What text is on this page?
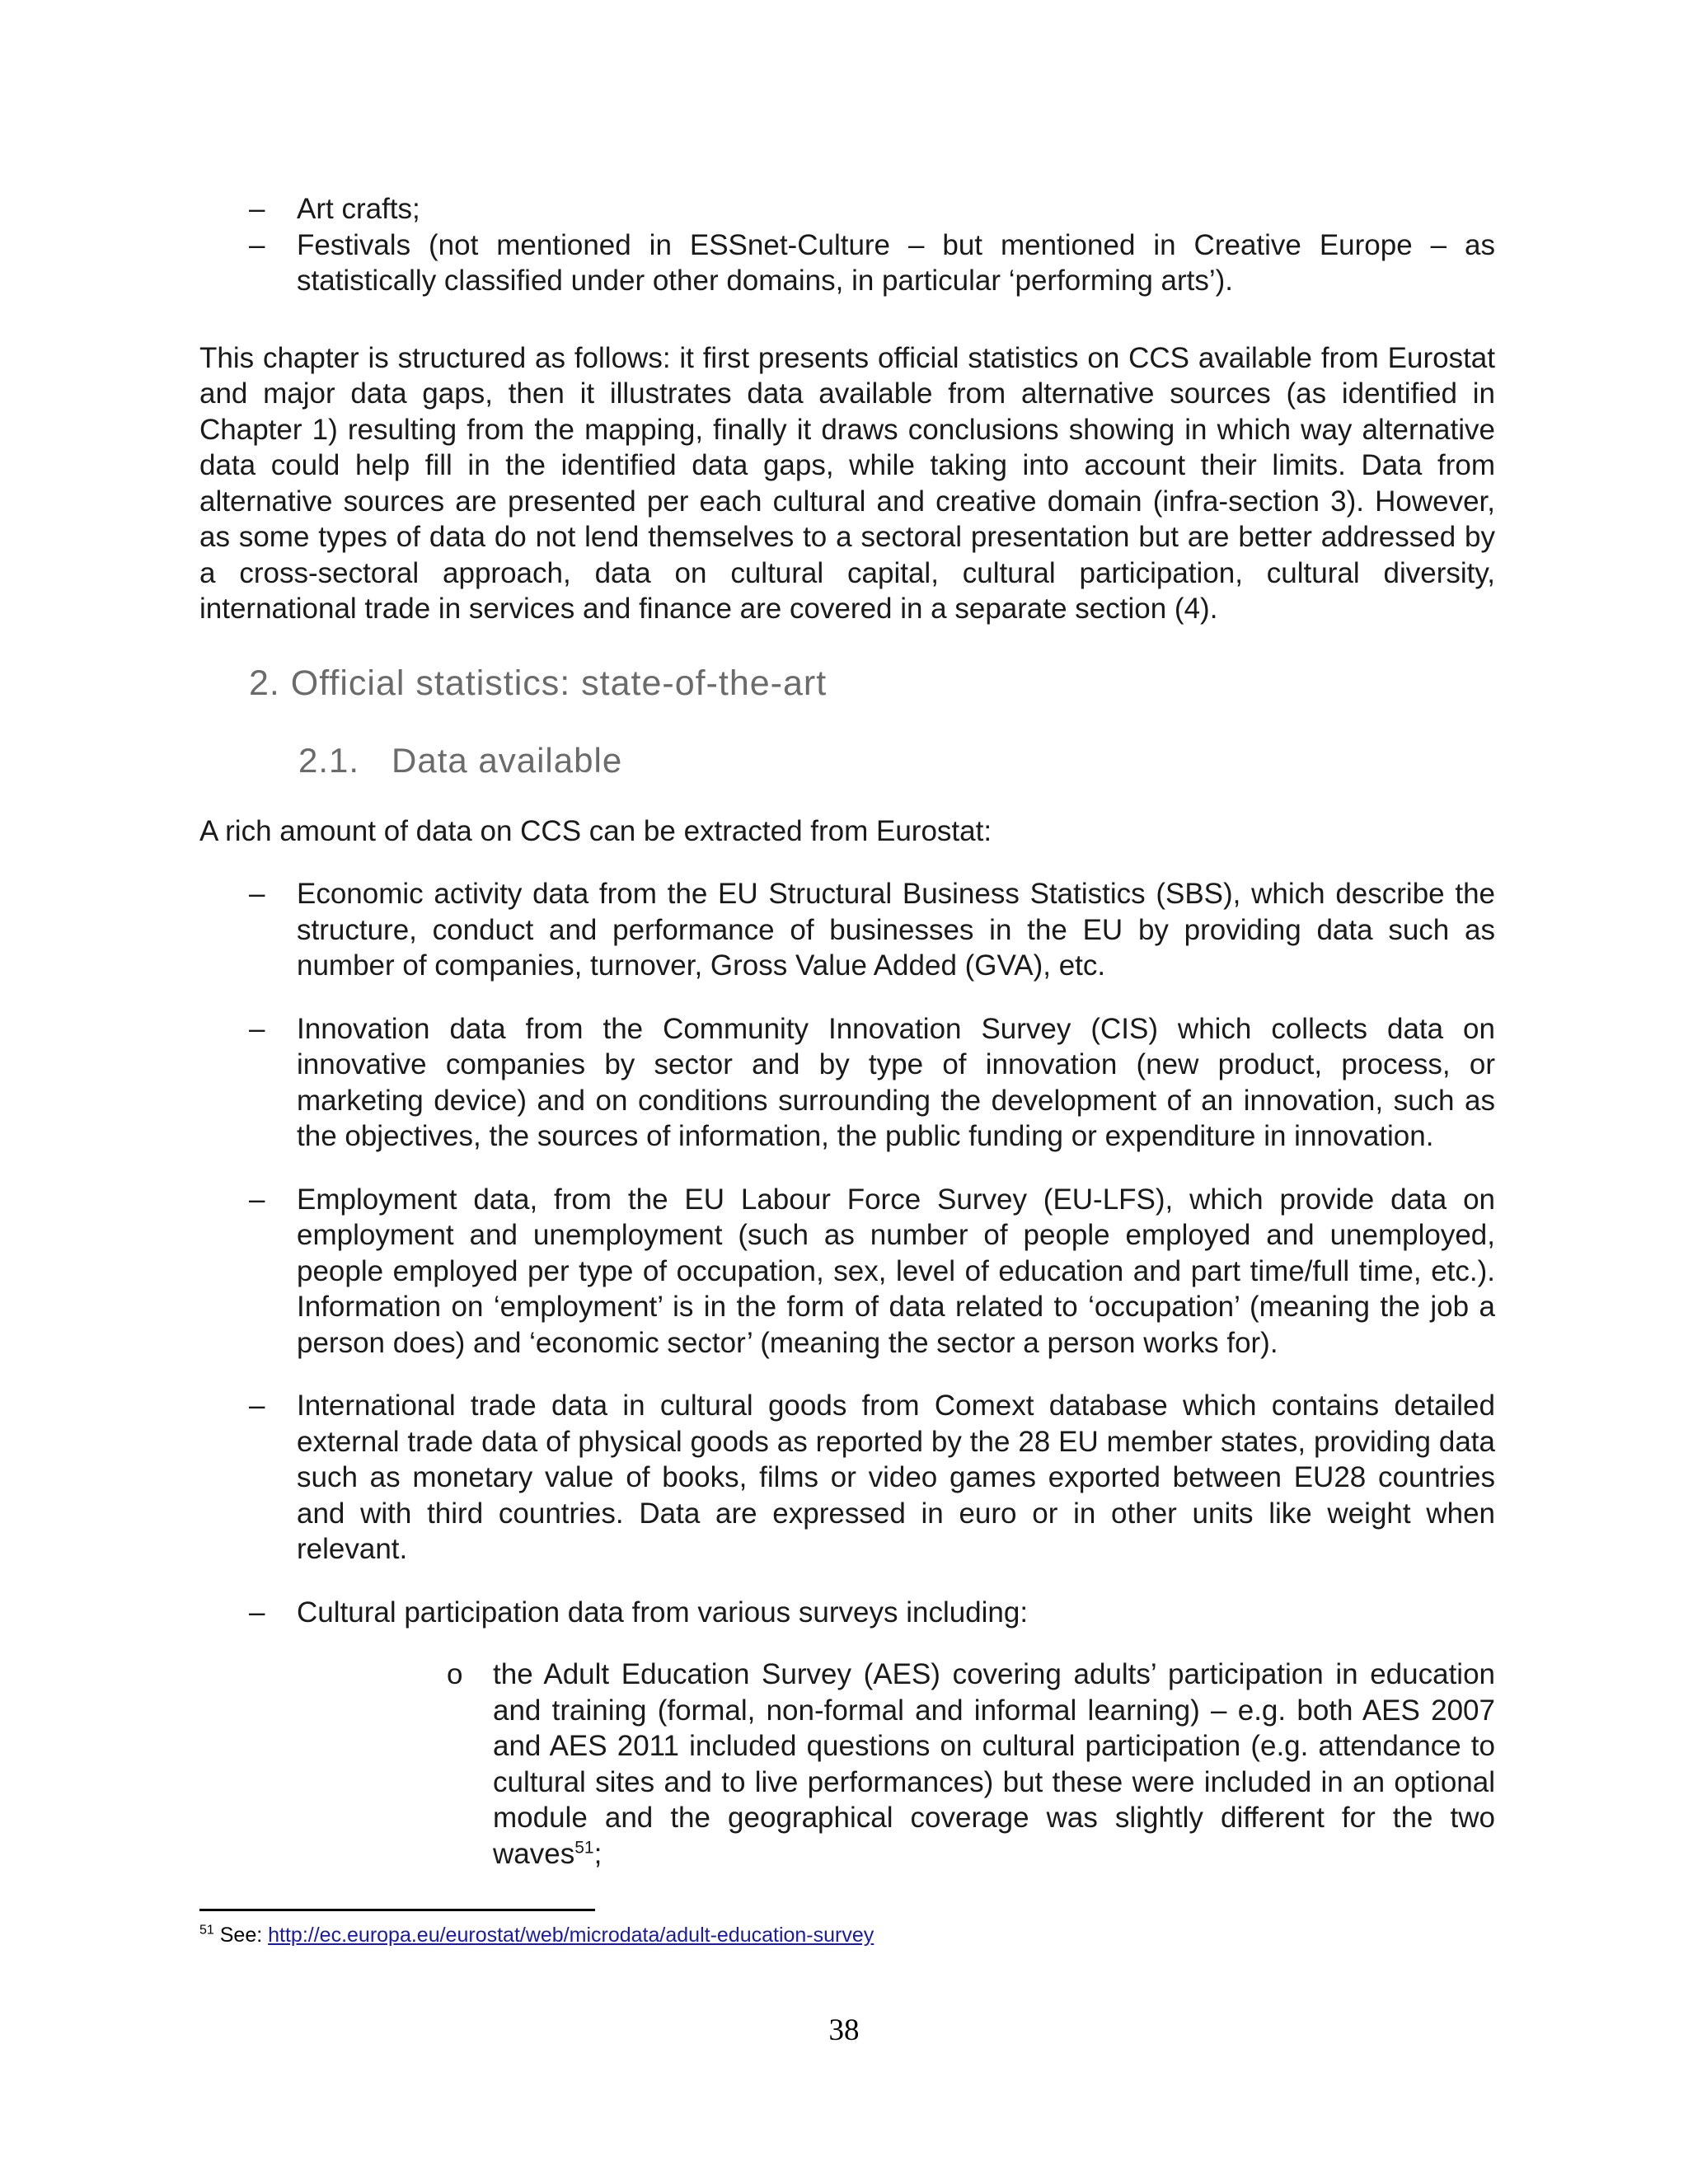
– Art crafts;
– Festivals (not mentioned in ESSnet-Culture – but mentioned in Creative Europe – as statistically classified under other domains, in particular ‘performing arts’).

This chapter is structured as follows: it first presents official statistics on CCS available from Eurostat and major data gaps, then it illustrates data available from alternative sources (as identified in Chapter 1) resulting from the mapping, finally it draws conclusions showing in which way alternative data could help fill in the identified data gaps, while taking into account their limits. Data from alternative sources are presented per each cultural and creative domain (infra-section 3). However, as some types of data do not lend themselves to a sectoral presentation but are better addressed by a cross-sectoral approach, data on cultural capital, cultural participation, cultural diversity, international trade in services and finance are covered in a separate section (4).

2. Official statistics: state-of-the-art
2.1. Data available

A rich amount of data on CCS can be extracted from Eurostat:

– Economic activity data from the EU Structural Business Statistics (SBS), which describe the structure, conduct and performance of businesses in the EU by providing data such as number of companies, turnover, Gross Value Added (GVA), etc.
– Innovation data from the Community Innovation Survey (CIS) which collects data on innovative companies by sector and by type of innovation (new product, process, or marketing device) and on conditions surrounding the development of an innovation, such as the objectives, the sources of information, the public funding or expenditure in innovation.
– Employment data, from the EU Labour Force Survey (EU-LFS), which provide data on employment and unemployment (such as number of people employed and unemployed, people employed per type of occupation, sex, level of education and part time/full time, etc.). Information on ‘employment’ is in the form of data related to ‘occupation’ (meaning the job a person does) and ‘economic sector’ (meaning the sector a person works for).
– International trade data in cultural goods from Comext database which contains detailed external trade data of physical goods as reported by the 28 EU member states, providing data such as monetary value of books, films or video games exported between EU28 countries and with third countries. Data are expressed in euro or in other units like weight when relevant.
– Cultural participation data from various surveys including:
o the Adult Education Survey (AES) covering adults’ participation in education and training (formal, non-formal and informal learning) – e.g. both AES 2007 and AES 2011 included questions on cultural participation (e.g. attendance to cultural sites and to live performances) but these were included in an optional module and the geographical coverage was slightly different for the two waves$^{51}$;
$^{51}$ See: http://ec.europa.eu/eurostat/web/microdata/adult-education-survey
38
